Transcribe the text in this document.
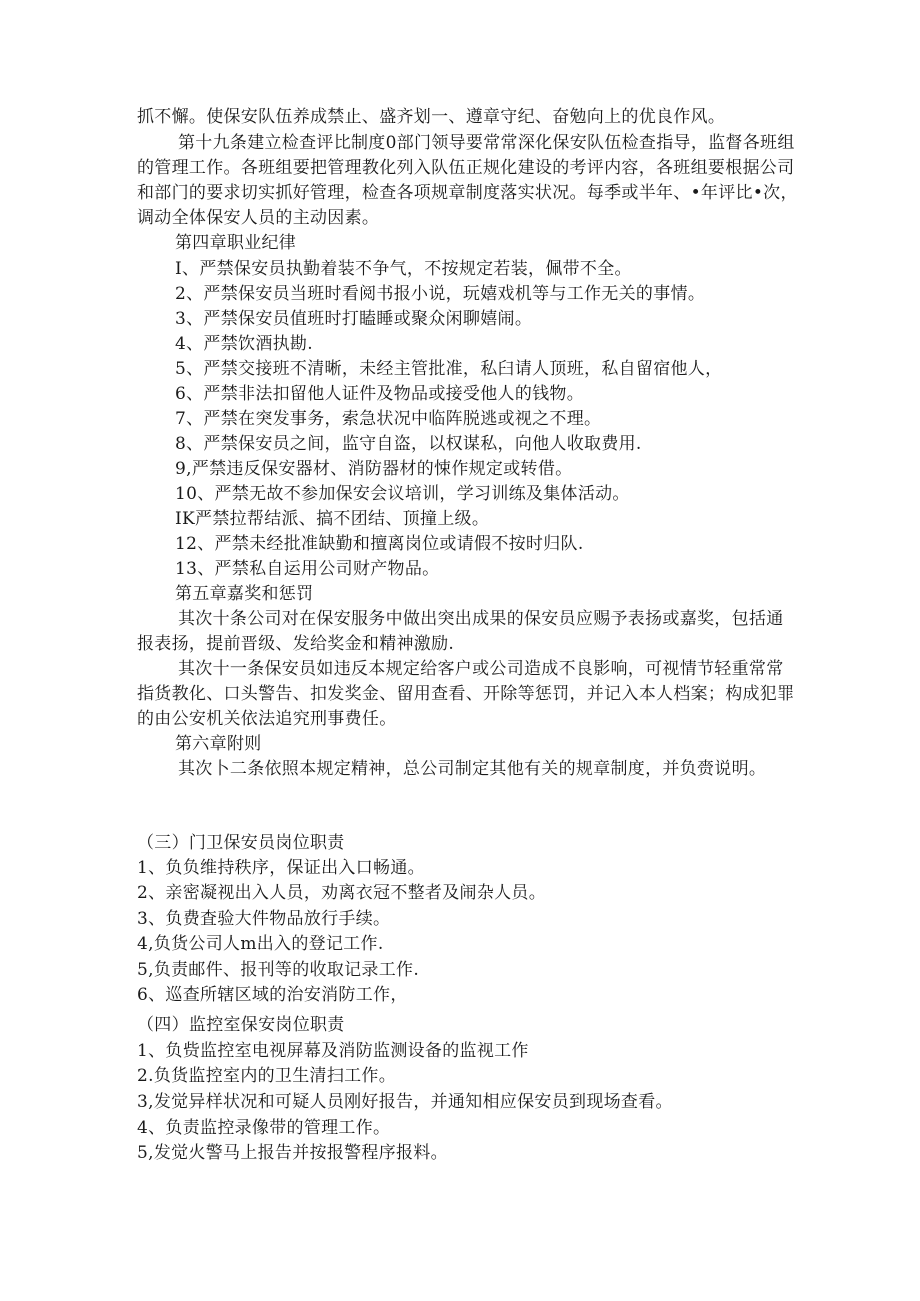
抓不懈。使保安队伍养成禁止、盛齐划一、遵章守纪、奋勉向上的优良作风。

第十九条建立检查评比制度0部门领导要常常深化保安队伍检查指导，监督各班组

的管理工作。各班组要把管理教化列入队伍正规化建设的考评内容，各班组要根据公司

和部门的要求切实抓好管理，检查各项规章制度落实状况。每季或半年、•年评比•次，

调动全体保安人员的主动因素。

第四章职业纪律

I、严禁保安员执勤着装不争气，不按规定若装，佩带不全。

2、严禁保安员当班时看阅书报小说，玩嬉戏机等与工作无关的事情。

3、严禁保安员值班时打瞌睡或聚众闲聊嬉闹。

4、严禁饮酒执勘.

5、严禁交接班不清晰，未经主管批准，私臼请人顶班，私自留宿他人，

6、严禁非法扣留他人证件及物品或接受他人的钱物。

7、严禁在突发事务，索急状况中临阵脱逃或视之不理。

8、严禁保安员之间，监守自盗，以权谋私，向他人收取费用.

9,严禁违反保安器材、消防器材的悚作规定或转借。

10、严禁无故不参加保安会议培训，学习训练及集体活动。

IK严禁拉帮结派、搞不团结、顶撞上级。

12、严禁未经批准缺勤和擅离岗位或请假不按时归队.

13、严禁私自运用公司财产物品。

第五章嘉奖和惩罚

其次十条公司对在保安服务中做出突出成果的保安员应赐予表扬或嘉奖，包括通

报表扬，提前晋级、发给奖金和精神激励.

其次十一条保安员如违反本规定给客户或公司造成不良影响，可视情节轻重常常

指货教化、口头警告、扣发奖金、留用查看、开除等惩罚，并记入本人档案；构成犯罪

的由公安机关依法追究刑事费任。

第六章附则

其次卜二条依照本规定精神，总公司制定其他有关的规章制度，并负赍说明。

（三）门卫保安员岗位职责

1、负负维持秩序，保证出入口畅通。

2、亲密凝视出入人员，劝离衣冠不整者及闹杂人员。

3、负费査验大件物品放行手续。

4,负货公司人m出入的登记工作.

5,负责邮件、报刊等的收取记录工作.

6、巡查所辖区域的治安消防工作，

（四）监控室保安岗位职责

1、负赀监控室电视屏幕及消防监测设备的监视工作

2.负货监控室内的卫生清扫工作。

3,发觉异样状况和可疑人员刚好报告，并通知相应保安员到现场查看。

4、负责监控录像带的管理工作。

5,发觉火警马上报告并按报警程序报料。
